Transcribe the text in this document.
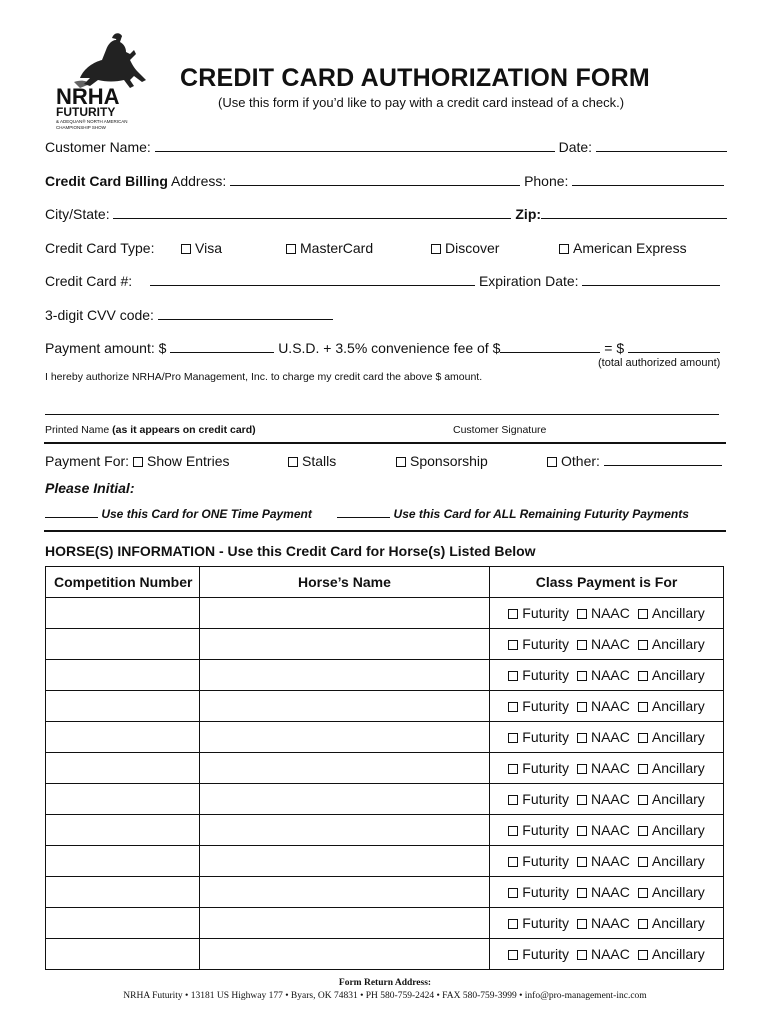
NRHA
FUTURITY
& ADEQUAN® NORTH AMERICAN
CHAMPIONSHIP SHOW
CREDIT CARD AUTHORIZATION FORM
(Use this form if you’d like to pay with a credit card instead of a check.)
Customer Name:	Date:
Credit Card Billing Address:	Phone:
City/State:	Zip:
Credit Card Type:	Visa	MasterCard	Discover	American Express
Credit Card #:	Expiration Date:
3-digit CVV code:
Payment amount: $	U.S.D. + 3.5% convenience fee of $	= $
(total authorized amount)
I hereby authorize NRHA/Pro Management, Inc. to charge my credit card the above $ amount.
Printed Name (as it appears on credit card)	Customer Signature
Payment For:	Show Entries	Stalls	Sponsorship	Other:
Please Initial:
Use this Card for ONE Time Payment	Use this Card for ALL Remaining Futurity Payments
HORSE(S) INFORMATION - Use this Credit Card for Horse(s) Listed Below
Competition Number	Horse’s Name	Class Payment is For
		Futurity NAAC Ancillary
		Futurity NAAC Ancillary
		Futurity NAAC Ancillary
		Futurity NAAC Ancillary
		Futurity NAAC Ancillary
		Futurity NAAC Ancillary
		Futurity NAAC Ancillary
		Futurity NAAC Ancillary
		Futurity NAAC Ancillary
		Futurity NAAC Ancillary
		Futurity NAAC Ancillary
		Futurity NAAC Ancillary
Form Return Address:
NRHA Futurity • 13181 US Highway 177 • Byars, OK 74831 • PH 580-759-2424 • FAX 580-759-3999 • info@pro-management-inc.com
